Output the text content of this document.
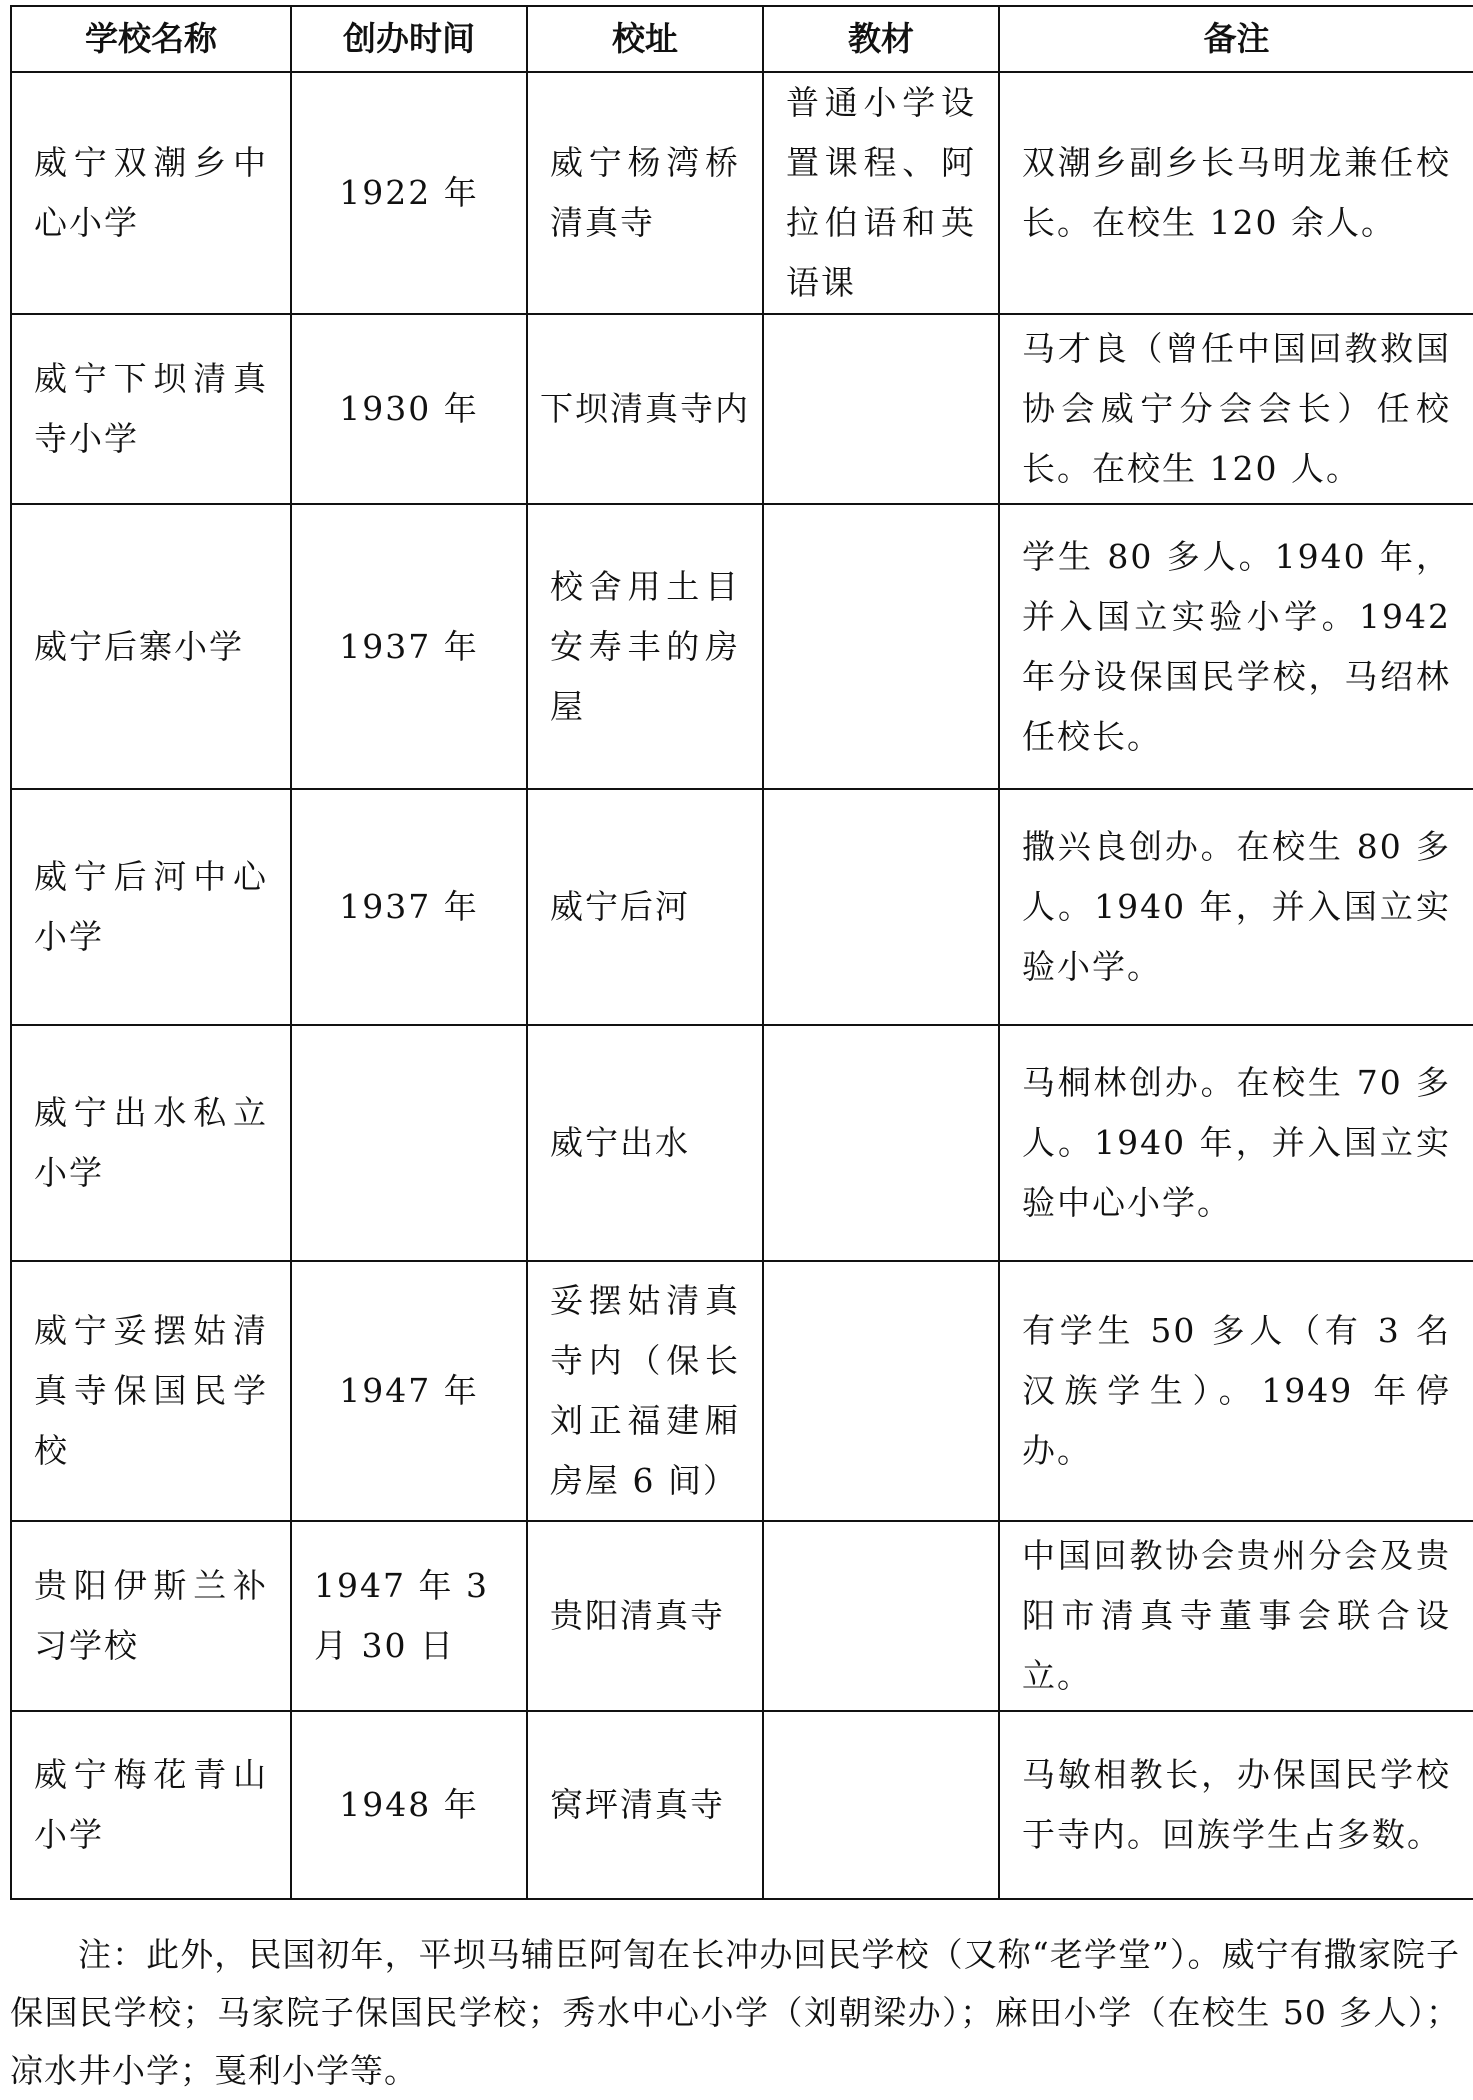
学校名称	创办时间	校址	教材	备注

威宁双潮乡中心小学	1922 年	威宁杨湾桥清真寺	普通小学设置课程、阿拉伯语和英语课	双潮乡副乡长马明龙兼任校长。在校生 120 余人。

威宁下坝清真寺小学	1930 年	下坝清真寺内		马才良（曾任中国回教救国协会威宁分会会长）任校长。在校生 120 人。

威宁后寨小学	1937 年	校舍用土目安寿丰的房屋		学生 80 多人。1940 年，并入国立实验小学。1942 年分设保国民学校，马绍林任校长。

威宁后河中心小学	1937 年	威宁后河		撒兴良创办。在校生 80 多人。1940 年，并入国立实验小学。

威宁出水私立小学		威宁出水		马桐林创办。在校生 70 多人。1940 年，并入国立实验中心小学。

威宁妥摆姑清真寺保国民学校	1947 年	妥摆姑清真寺内（保长刘正福建厢房屋 6 间）		有学生 50 多人（有 3 名汉族学生）。1949 年停办。

贵阳伊斯兰补习学校	1947 年 3 月 30 日	贵阳清真寺		中国回教协会贵州分会及贵阳市清真寺董事会联合设立。

威宁梅花青山小学	1948 年	窝坪清真寺		马敏相教长，办保国民学校于寺内。回族学生占多数。

注：此外，民国初年，平坝马辅臣阿訇在长冲办回民学校（又称“老学堂”）。威宁有撒家院子保国民学校；马家院子保国民学校；秀水中心小学（刘朝梁办）；麻田小学（在校生 50 多人）；凉水井小学；戛利小学等。
